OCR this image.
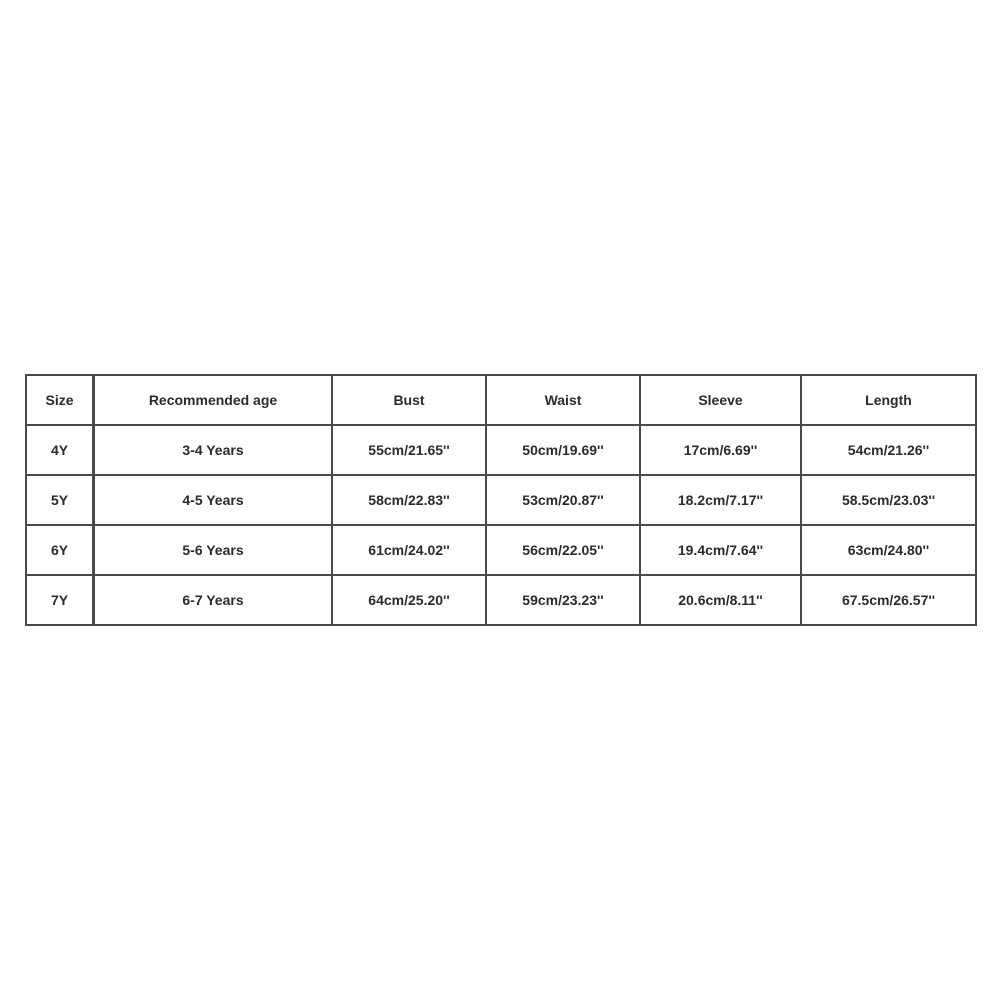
Size	Recommended age	Bust	Waist	Sleeve	Length
4Y	3-4 Years	55cm/21.65''	50cm/19.69''	17cm/6.69''	54cm/21.26''
5Y	4-5 Years	58cm/22.83''	53cm/20.87''	18.2cm/7.17''	58.5cm/23.03''
6Y	5-6 Years	61cm/24.02''	56cm/22.05''	19.4cm/7.64''	63cm/24.80''
7Y	6-7 Years	64cm/25.20''	59cm/23.23''	20.6cm/8.11''	67.5cm/26.57''
